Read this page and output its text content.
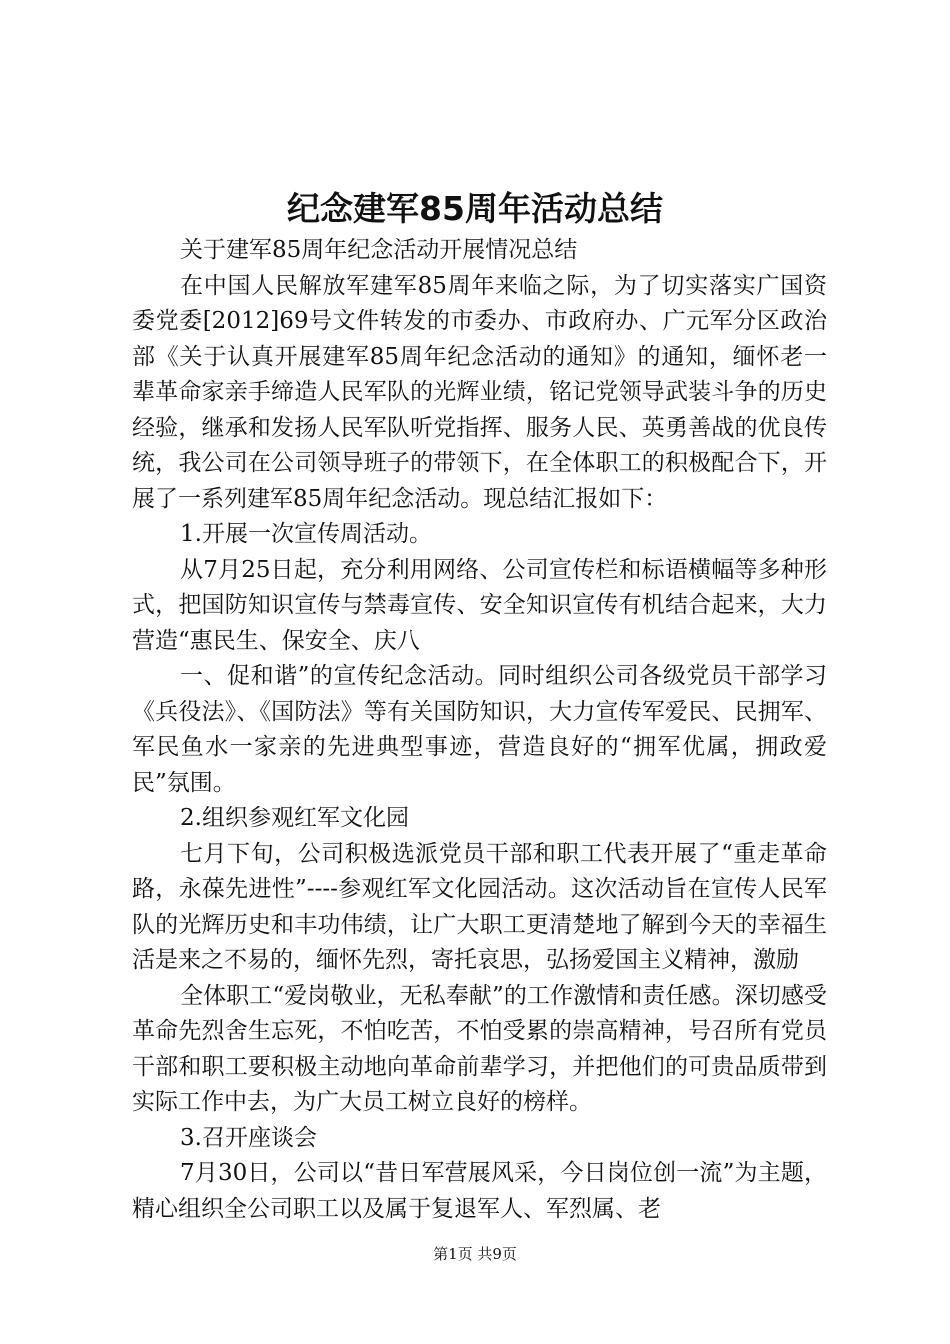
纪念建军85周年活动总结

关于建军85周年纪念活动开展情况总结

在中国人民解放军建军85周年来临之际，为了切实落实广国资委党委[2012]69号文件转发的市委办、市政府办、广元军分区政治部《关于认真开展建军85周年纪念活动的通知》的通知，缅怀老一辈革命家亲手缔造人民军队的光辉业绩，铭记党领导武装斗争的历史经验，继承和发扬人民军队听党指挥、服务人民、英勇善战的优良传统，我公司在公司领导班子的带领下，在全体职工的积极配合下，开展了一系列建军85周年纪念活动。现总结汇报如下：

1.开展一次宣传周活动。

从7月25日起，充分利用网络、公司宣传栏和标语横幅等多种形式，把国防知识宣传与禁毒宣传、安全知识宣传有机结合起来，大力营造“惠民生、保安全、庆八

一、促和谐”的宣传纪念活动。同时组织公司各级党员干部学习《兵役法》、《国防法》等有关国防知识，大力宣传军爱民、民拥军、军民鱼水一家亲的先进典型事迹，营造良好的“拥军优属，拥政爱民”氛围。

2.组织参观红军文化园

七月下旬，公司积极选派党员干部和职工代表开展了“重走革命路，永葆先进性”----参观红军文化园活动。这次活动旨在宣传人民军队的光辉历史和丰功伟绩，让广大职工更清楚地了解到今天的幸福生活是来之不易的，缅怀先烈，寄托哀思，弘扬爱国主义精神，激励

全体职工“爱岗敬业，无私奉献”的工作激情和责任感。深切感受革命先烈舍生忘死，不怕吃苦，不怕受累的崇高精神，号召所有党员干部和职工要积极主动地向革命前辈学习，并把他们的可贵品质带到实际工作中去，为广大员工树立良好的榜样。

3.召开座谈会

7月30日，公司以“昔日军营展风采，今日岗位创一流”为主题，精心组织全公司职工以及属于复退军人、军烈属、老

第1页 共9页
